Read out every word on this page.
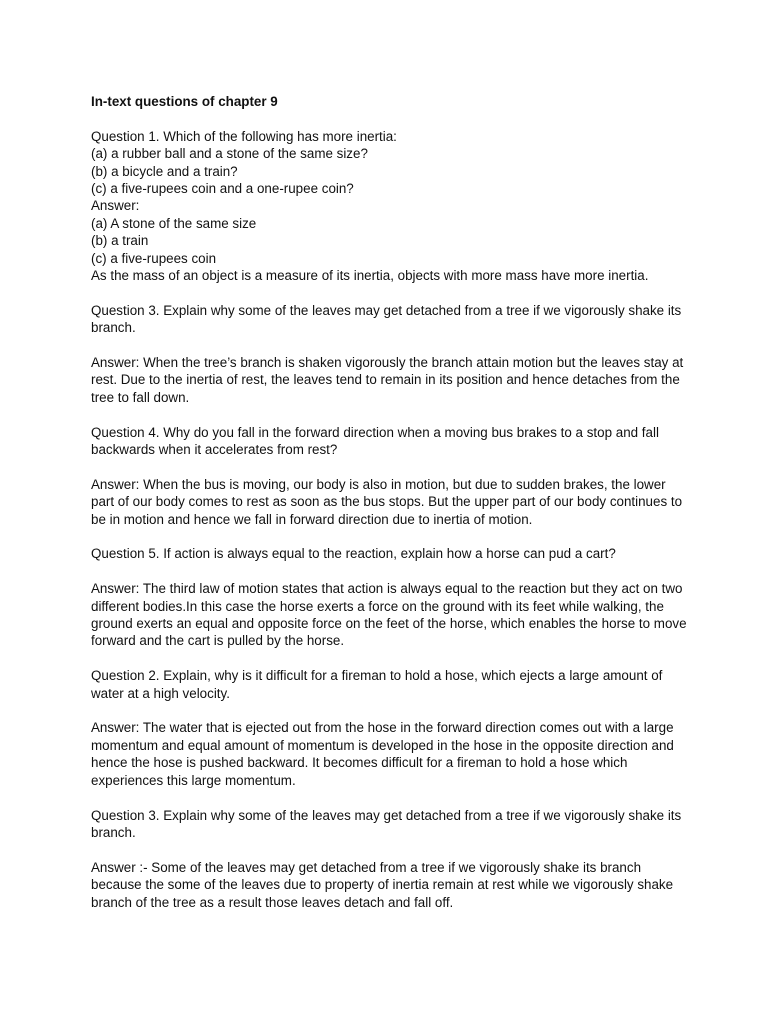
In-text questions of chapter 9

Question 1. Which of the following has more inertia:

(a) a rubber ball and a stone of the same size?

(b) a bicycle and a train?

(c) a five-rupees coin and a one-rupee coin?

Answer:

(a) A stone of the same size

(b) a train

(c) a five-rupees coin

As the mass of an object is a measure of its inertia, objects with more mass have more inertia.

Question 3. Explain why some of the leaves may get detached from a tree if we vigorously shake its branch.

Answer: When the tree’s branch is shaken vigorously the branch attain motion but the leaves stay at rest. Due to the inertia of rest, the leaves tend to remain in its position and hence detaches from the tree to fall down.

Question 4. Why do you fall in the forward direction when a moving bus brakes to a stop and fall backwards when it accelerates from rest?

Answer: When the bus is moving, our body is also in motion, but due to sudden brakes, the lower part of our body comes to rest as soon as the bus stops. But the upper part of our body continues to be in motion and hence we fall in forward direction due to inertia of motion.

Question 5. If action is always equal to the reaction, explain how a horse can pud a cart?

Answer: The third law of motion states that action is always equal to the reaction but they act on two different bodies.In this case the horse exerts a force on the ground with its feet while walking, the ground exerts an equal and opposite force on the feet of the horse, which enables the horse to move forward and the cart is pulled by the horse.

Question 2. Explain, why is it difficult for a fireman to hold a hose, which ejects a large amount of water at a high velocity.

Answer: The water that is ejected out from the hose in the forward direction comes out with a large momentum and equal amount of momentum is developed in the hose in the opposite direction and hence the hose is pushed backward. It becomes difficult for a fireman to hold a hose which experiences this large momentum.

Question 3. Explain why some of the leaves may get detached from a tree if we vigorously shake its branch.

Answer :- Some of the leaves may get detached from a tree if we vigorously shake its branch because the some of the leaves due to property of inertia remain at rest while we vigorously shake branch of the tree as a result those leaves detach and fall off.
